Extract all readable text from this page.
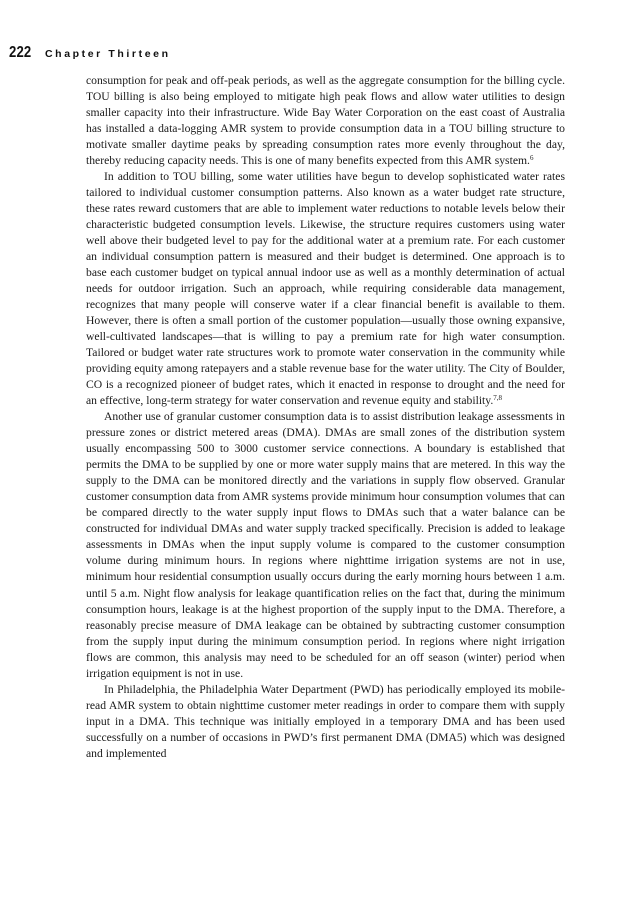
222 Chapter Thirteen

consumption for peak and off-peak periods, as well as the aggregate consumption for the billing cycle. TOU billing is also being employed to mitigate high peak flows and allow water utilities to design smaller capacity into their infrastructure. Wide Bay Water Corporation on the east coast of Australia has installed a data-logging AMR system to provide consumption data in a TOU billing structure to motivate smaller daytime peaks by spreading consumption rates more evenly throughout the day, thereby reducing capacity needs. This is one of many benefits expected from this AMR system.$^6$

In addition to TOU billing, some water utilities have begun to develop sophisticated water rates tailored to individual customer consumption patterns. Also known as a water budget rate structure, these rates reward customers that are able to implement water reductions to notable levels below their characteristic budgeted consumption levels. Likewise, the structure requires customers using water well above their budgeted level to pay for the additional water at a premium rate. For each customer an individual consumption pattern is measured and their budget is determined. One approach is to base each customer budget on typical annual indoor use as well as a monthly determination of actual needs for outdoor irrigation. Such an approach, while requiring considerable data management, recognizes that many people will conserve water if a clear financial benefit is available to them. However, there is often a small portion of the customer population—usually those owning expansive, well-cultivated landscapes—that is willing to pay a premium rate for high water consumption. Tailored or budget water rate structures work to promote water conservation in the community while providing equity among ratepayers and a stable revenue base for the water utility. The City of Boulder, CO is a recognized pioneer of budget rates, which it enacted in response to drought and the need for an effective, long-term strategy for water conservation and revenue equity and stability.$^{7,8}$

Another use of granular customer consumption data is to assist distribution leakage assessments in pressure zones or district metered areas (DMA). DMAs are small zones of the distribution system usually encompassing 500 to 3000 customer service connections. A boundary is established that permits the DMA to be supplied by one or more water supply mains that are metered. In this way the supply to the DMA can be monitored directly and the variations in supply flow observed. Granular customer consumption data from AMR systems provide minimum hour consumption volumes that can be compared directly to the water supply input flows to DMAs such that a water balance can be constructed for individual DMAs and water supply tracked specifically. Precision is added to leakage assessments in DMAs when the input supply volume is compared to the customer consumption volume during minimum hours. In regions where nighttime irrigation systems are not in use, minimum hour residential consumption usually occurs during the early morning hours between 1 a.m. until 5 a.m. Night flow analysis for leakage quantification relies on the fact that, during the minimum consumption hours, leakage is at the highest proportion of the supply input to the DMA. Therefore, a reasonably precise measure of DMA leakage can be obtained by subtracting customer consumption from the supply input during the minimum consumption period. In regions where night irrigation flows are common, this analysis may need to be scheduled for an off season (winter) period when irrigation equipment is not in use.

In Philadelphia, the Philadelphia Water Department (PWD) has periodically employed its mobile-read AMR system to obtain nighttime customer meter readings in order to compare them with supply input in a DMA. This technique was initially employed in a temporary DMA and has been used successfully on a number of occasions in PWD’s first permanent DMA (DMA5) which was designed and implemented
